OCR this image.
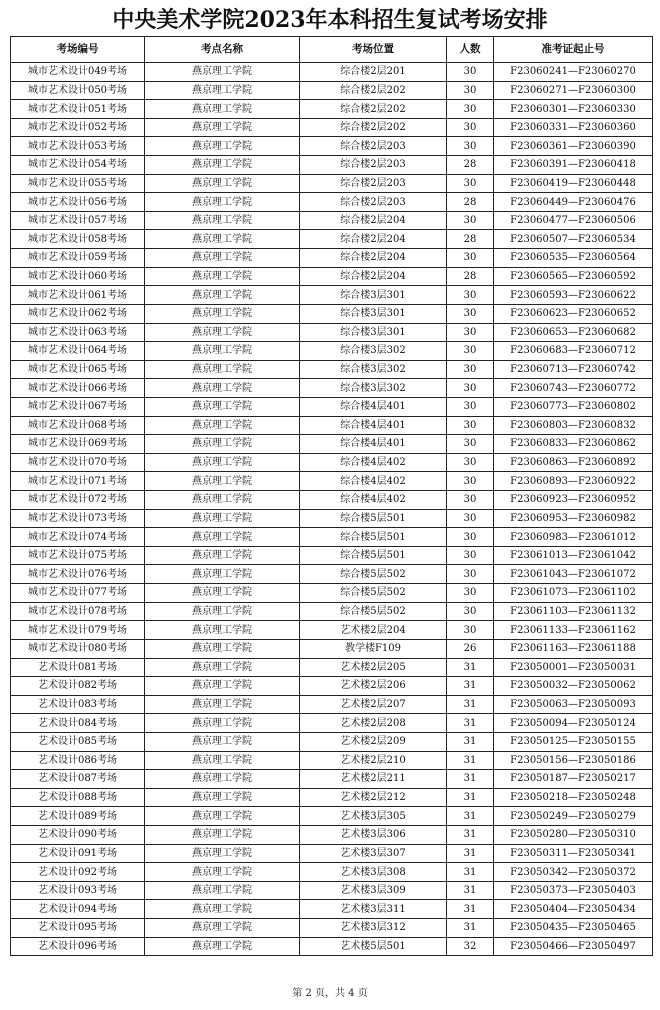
中央美术学院2023年本科招生复试考场安排
考场编号	考点名称	考场位置	人数	准考证起止号
城市艺术设计049考场	燕京理工学院	综合楼2层201	30	F23060241—F23060270
城市艺术设计050考场	燕京理工学院	综合楼2层202	30	F23060271—F23060300
城市艺术设计051考场	燕京理工学院	综合楼2层202	30	F23060301—F23060330
城市艺术设计052考场	燕京理工学院	综合楼2层202	30	F23060331—F23060360
城市艺术设计053考场	燕京理工学院	综合楼2层203	30	F23060361—F23060390
城市艺术设计054考场	燕京理工学院	综合楼2层203	28	F23060391—F23060418
城市艺术设计055考场	燕京理工学院	综合楼2层203	30	F23060419—F23060448
城市艺术设计056考场	燕京理工学院	综合楼2层203	28	F23060449—F23060476
城市艺术设计057考场	燕京理工学院	综合楼2层204	30	F23060477—F23060506
城市艺术设计058考场	燕京理工学院	综合楼2层204	28	F23060507—F23060534
城市艺术设计059考场	燕京理工学院	综合楼2层204	30	F23060535—F23060564
城市艺术设计060考场	燕京理工学院	综合楼2层204	28	F23060565—F23060592
城市艺术设计061考场	燕京理工学院	综合楼3层301	30	F23060593—F23060622
城市艺术设计062考场	燕京理工学院	综合楼3层301	30	F23060623—F23060652
城市艺术设计063考场	燕京理工学院	综合楼3层301	30	F23060653—F23060682
城市艺术设计064考场	燕京理工学院	综合楼3层302	30	F23060683—F23060712
城市艺术设计065考场	燕京理工学院	综合楼3层302	30	F23060713—F23060742
城市艺术设计066考场	燕京理工学院	综合楼3层302	30	F23060743—F23060772
城市艺术设计067考场	燕京理工学院	综合楼4层401	30	F23060773—F23060802
城市艺术设计068考场	燕京理工学院	综合楼4层401	30	F23060803—F23060832
城市艺术设计069考场	燕京理工学院	综合楼4层401	30	F23060833—F23060862
城市艺术设计070考场	燕京理工学院	综合楼4层402	30	F23060863—F23060892
城市艺术设计071考场	燕京理工学院	综合楼4层402	30	F23060893—F23060922
城市艺术设计072考场	燕京理工学院	综合楼4层402	30	F23060923—F23060952
城市艺术设计073考场	燕京理工学院	综合楼5层501	30	F23060953—F23060982
城市艺术设计074考场	燕京理工学院	综合楼5层501	30	F23060983—F23061012
城市艺术设计075考场	燕京理工学院	综合楼5层501	30	F23061013—F23061042
城市艺术设计076考场	燕京理工学院	综合楼5层502	30	F23061043—F23061072
城市艺术设计077考场	燕京理工学院	综合楼5层502	30	F23061073—F23061102
城市艺术设计078考场	燕京理工学院	综合楼5层502	30	F23061103—F23061132
城市艺术设计079考场	燕京理工学院	艺术楼2层204	30	F23061133—F23061162
城市艺术设计080考场	燕京理工学院	教学楼F109	26	F23061163—F23061188
艺术设计081考场	燕京理工学院	艺术楼2层205	31	F23050001—F23050031
艺术设计082考场	燕京理工学院	艺术楼2层206	31	F23050032—F23050062
艺术设计083考场	燕京理工学院	艺术楼2层207	31	F23050063—F23050093
艺术设计084考场	燕京理工学院	艺术楼2层208	31	F23050094—F23050124
艺术设计085考场	燕京理工学院	艺术楼2层209	31	F23050125—F23050155
艺术设计086考场	燕京理工学院	艺术楼2层210	31	F23050156—F23050186
艺术设计087考场	燕京理工学院	艺术楼2层211	31	F23050187—F23050217
艺术设计088考场	燕京理工学院	艺术楼2层212	31	F23050218—F23050248
艺术设计089考场	燕京理工学院	艺术楼3层305	31	F23050249—F23050279
艺术设计090考场	燕京理工学院	艺术楼3层306	31	F23050280—F23050310
艺术设计091考场	燕京理工学院	艺术楼3层307	31	F23050311—F23050341
艺术设计092考场	燕京理工学院	艺术楼3层308	31	F23050342—F23050372
艺术设计093考场	燕京理工学院	艺术楼3层309	31	F23050373—F23050403
艺术设计094考场	燕京理工学院	艺术楼3层311	31	F23050404—F23050434
艺术设计095考场	燕京理工学院	艺术楼3层312	31	F23050435—F23050465
艺术设计096考场	燕京理工学院	艺术楼5层501	32	F23050466—F23050497
第 2 页，共 4 页
